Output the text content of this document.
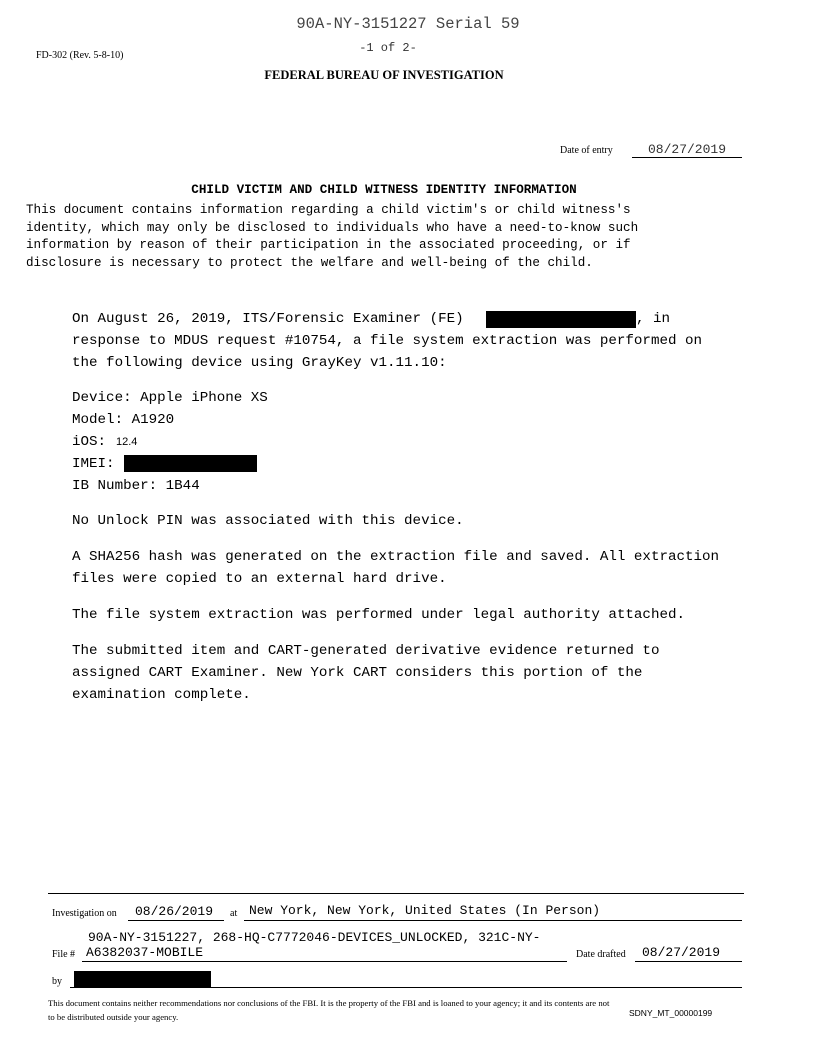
90A-NY-3151227 Serial 59
-1 of 2-
FD-302 (Rev. 5-8-10)
FEDERAL BUREAU OF INVESTIGATION
Date of entry	08/27/2019
CHILD VICTIM AND CHILD WITNESS IDENTITY INFORMATION
This document contains information regarding a child victim's or child witness's
identity, which may only be disclosed to individuals who have a need-to-know such
information by reason of their participation in the associated proceeding, or if
disclosure is necessary to protect the welfare and well-being of the child.
On August 26, 2019, ITS/Forensic Examiner (FE)	, in
response to MDUS request #10754, a file system extraction was performed on
the following device using GrayKey v1.11.10:
Device: Apple iPhone XS
Model: A1920
iOS: 12.4
IMEI:
IB Number: 1B44
No Unlock PIN was associated with this device.
A SHA256 hash was generated on the extraction file and saved. All extraction
files were copied to an external hard drive.
The file system extraction was performed under legal authority attached.
The submitted item and CART-generated derivative evidence returned to
assigned CART Examiner. New York CART considers this portion of the
examination complete.
Investigation on 08/26/2019 at New York, New York, United States (In Person)
90A-NY-3151227, 268-HQ-C7772046-DEVICES_UNLOCKED, 321C-NY-
File # A6382037-MOBILE	Date drafted 08/27/2019
by
This document contains neither recommendations nor conclusions of the FBI. It is the property of the FBI and is loaned to your agency; it and its contents are not
to be distributed outside your agency.	SDNY_MT_00000199
